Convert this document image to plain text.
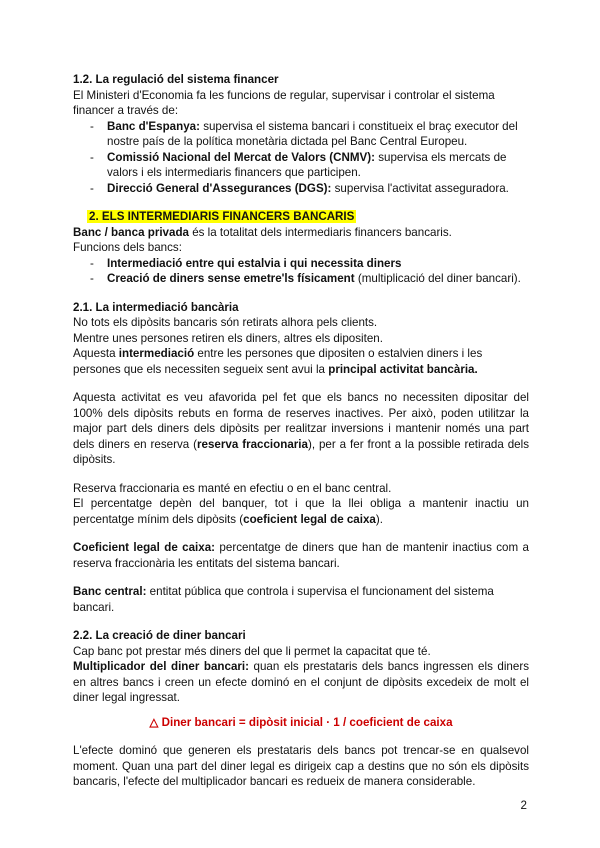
1.2. La regulació del sistema financer

El Ministeri d'Economia fa les funcions de regular, supervisar i controlar el sistema financer a través de:

- Banc d'Espanya: supervisa el sistema bancari i constitueix el braç executor del nostre país de la política monetària dictada pel Banc Central Europeu.
- Comissió Nacional del Mercat de Valors (CNMV): supervisa els mercats de valors i els intermediaris financers que participen.
- Direcció General d'Assegurances (DGS): supervisa l'activitat asseguradora.

2. ELS INTERMEDIARIS FINANCERS BANCARIS

Banc / banca privada és la totalitat dels intermediaris financers bancaris.

Funcions dels bancs:

- Intermediació entre qui estalvia i qui necessita diners
- Creació de diners sense emetre'ls físicament (multiplicació del diner bancari).

2.1. La intermediació bancària

No tots els dipòsits bancaris són retirats alhora pels clients.

Mentre unes persones retiren els diners, altres els dipositen.

Aquesta intermediació entre les persones que dipositen o estalvien diners i les persones que els necessiten segueix sent avui la principal activitat bancària.

Aquesta activitat es veu afavorida pel fet que els bancs no necessiten dipositar del 100% dels dipòsits rebuts en forma de reserves inactives. Per això, poden utilitzar la major part dels diners dels dipòsits per realitzar inversions i mantenir només una part dels diners en reserva (reserva fraccionaria), per a fer front a la possible retirada dels dipòsits.

Reserva fraccionaria es manté en efectiu o en el banc central.

El percentatge depèn del banquer, tot i que la llei obliga a mantenir inactiu un percentatge mínim dels dipòsits (coeficient legal de caixa).

Coeficient legal de caixa: percentatge de diners que han de mantenir inactius com a reserva fraccionària les entitats del sistema bancari.

Banc central: entitat pública que controla i supervisa el funcionament del sistema bancari.

2.2. La creació de diner bancari

Cap banc pot prestar més diners del que li permet la capacitat que té.

Multiplicador del diner bancari: quan els prestataris dels bancs ingressen els diners en altres bancs i creen un efecte dominó en el conjunt de dipòsits excedeix de molt el diner legal ingressat.

△ Diner bancari = dipòsit inicial · 1 / coeficient de caixa

L'efecte dominó que generen els prestataris dels bancs pot trencar-se en qualsevol moment. Quan una part del diner legal es dirigeix cap a destins que no són els dipòsits bancaris, l'efecte del multiplicador bancari es redueix de manera considerable.

2
